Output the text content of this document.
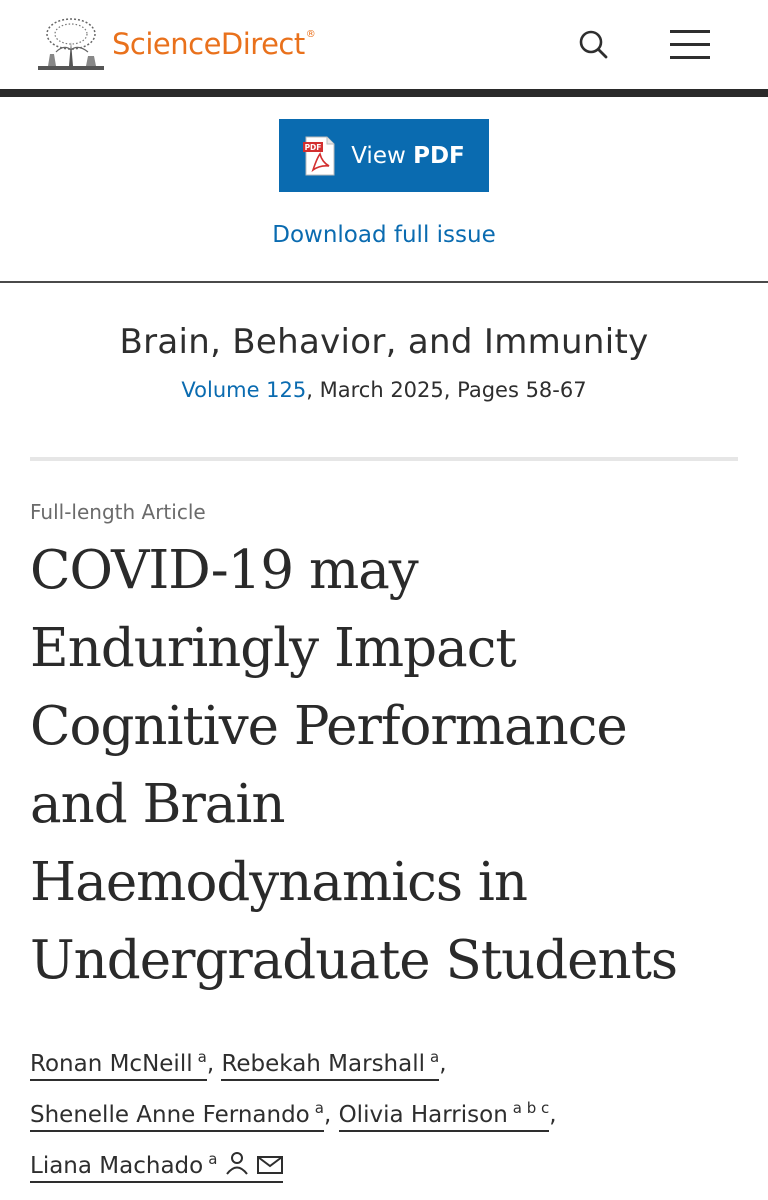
ScienceDirect®
PDF View PDF
Download full issue
Brain, Behavior, and Immunity
Volume 125, March 2025, Pages 58-67
Full-length Article
COVID-19 may
Enduringly Impact
Cognitive Performance
and Brain
Haemodynamics in
Undergraduate Students
Ronan McNeill $^a$, Rebekah Marshall $^a$,
Shenelle Anne Fernando $^a$, Olivia Harrison $^{a b c}$,
Liana Machado $^a$
